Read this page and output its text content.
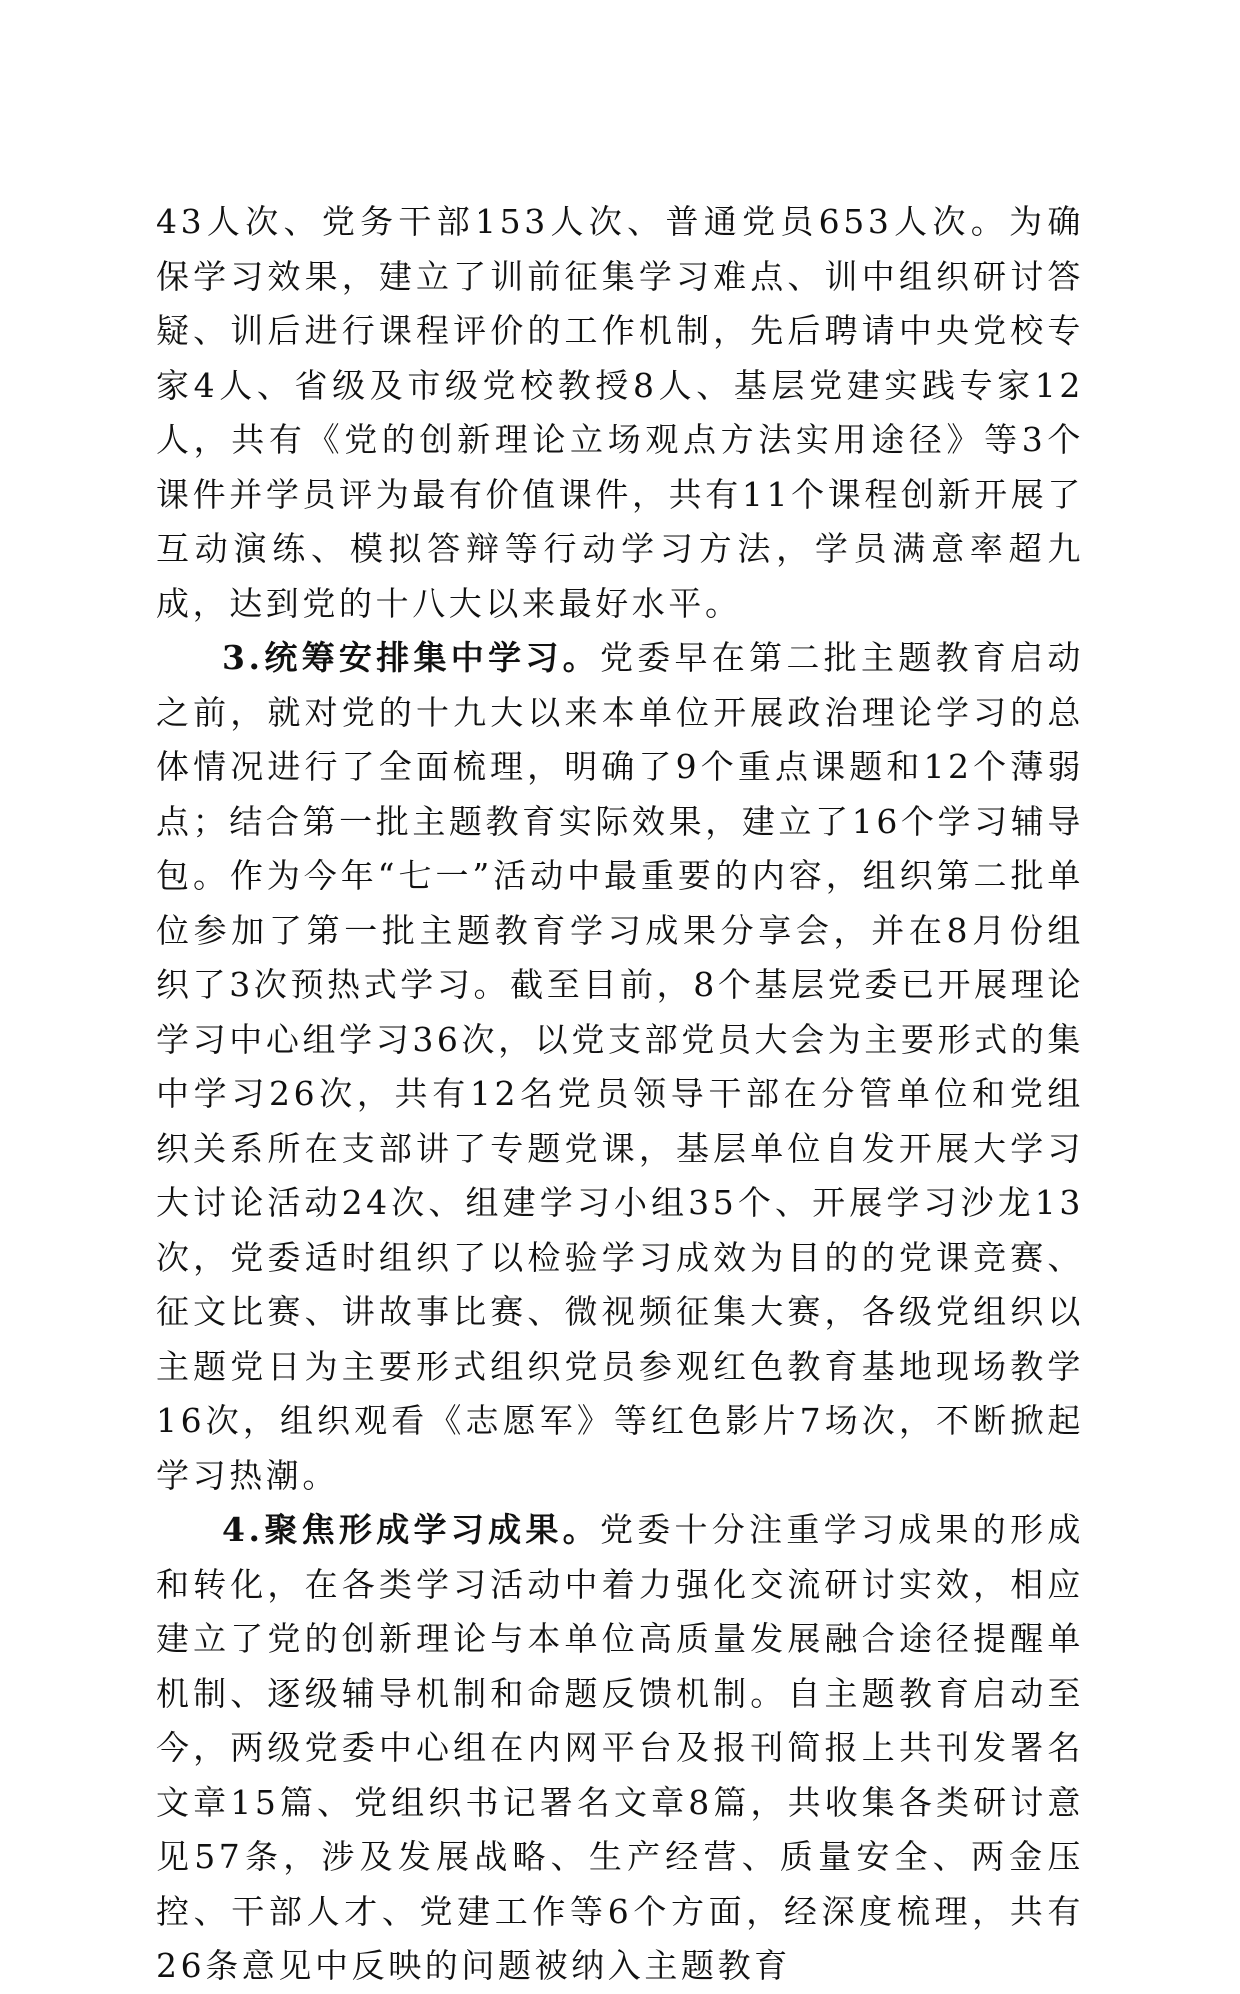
43人次、党务干部153人次、普通党员653人次。为确保学习效果，建立了训前征集学习难点、训中组织研讨答疑、训后进行课程评价的工作机制，先后聘请中央党校专家4人、省级及市级党校教授8人、基层党建实践专家12人，共有《党的创新理论立场观点方法实用途径》等3个课件并学员评为最有价值课件，共有11个课程创新开展了互动演练、模拟答辩等行动学习方法，学员满意率超九成，达到党的十八大以来最好水平。

3.统筹安排集中学习。党委早在第二批主题教育启动之前，就对党的十九大以来本单位开展政治理论学习的总体情况进行了全面梳理，明确了9个重点课题和12个薄弱点；结合第一批主题教育实际效果，建立了16个学习辅导包。作为今年“七一”活动中最重要的内容，组织第二批单位参加了第一批主题教育学习成果分享会，并在8月份组织了3次预热式学习。截至目前，8个基层党委已开展理论学习中心组学习36次，以党支部党员大会为主要形式的集中学习26次，共有12名党员领导干部在分管单位和党组织关系所在支部讲了专题党课，基层单位自发开展大学习大讨论活动24次、组建学习小组35个、开展学习沙龙13次，党委适时组织了以检验学习成效为目的的党课竞赛、征文比赛、讲故事比赛、微视频征集大赛，各级党组织以主题党日为主要形式组织党员参观红色教育基地现场教学16次，组织观看《志愿军》等红色影片7场次，不断掀起学习热潮。

4.聚焦形成学习成果。党委十分注重学习成果的形成和转化，在各类学习活动中着力强化交流研讨实效，相应建立了党的创新理论与本单位高质量发展融合途径提醒单机制、逐级辅导机制和命题反馈机制。自主题教育启动至今，两级党委中心组在内网平台及报刊简报上共刊发署名文章15篇、党组织书记署名文章8篇，共收集各类研讨意见57条，涉及发展战略、生产经营、质量安全、两金压控、干部人才、党建工作等6个方面，经深度梳理，共有26条意见中反映的问题被纳入主题教育
